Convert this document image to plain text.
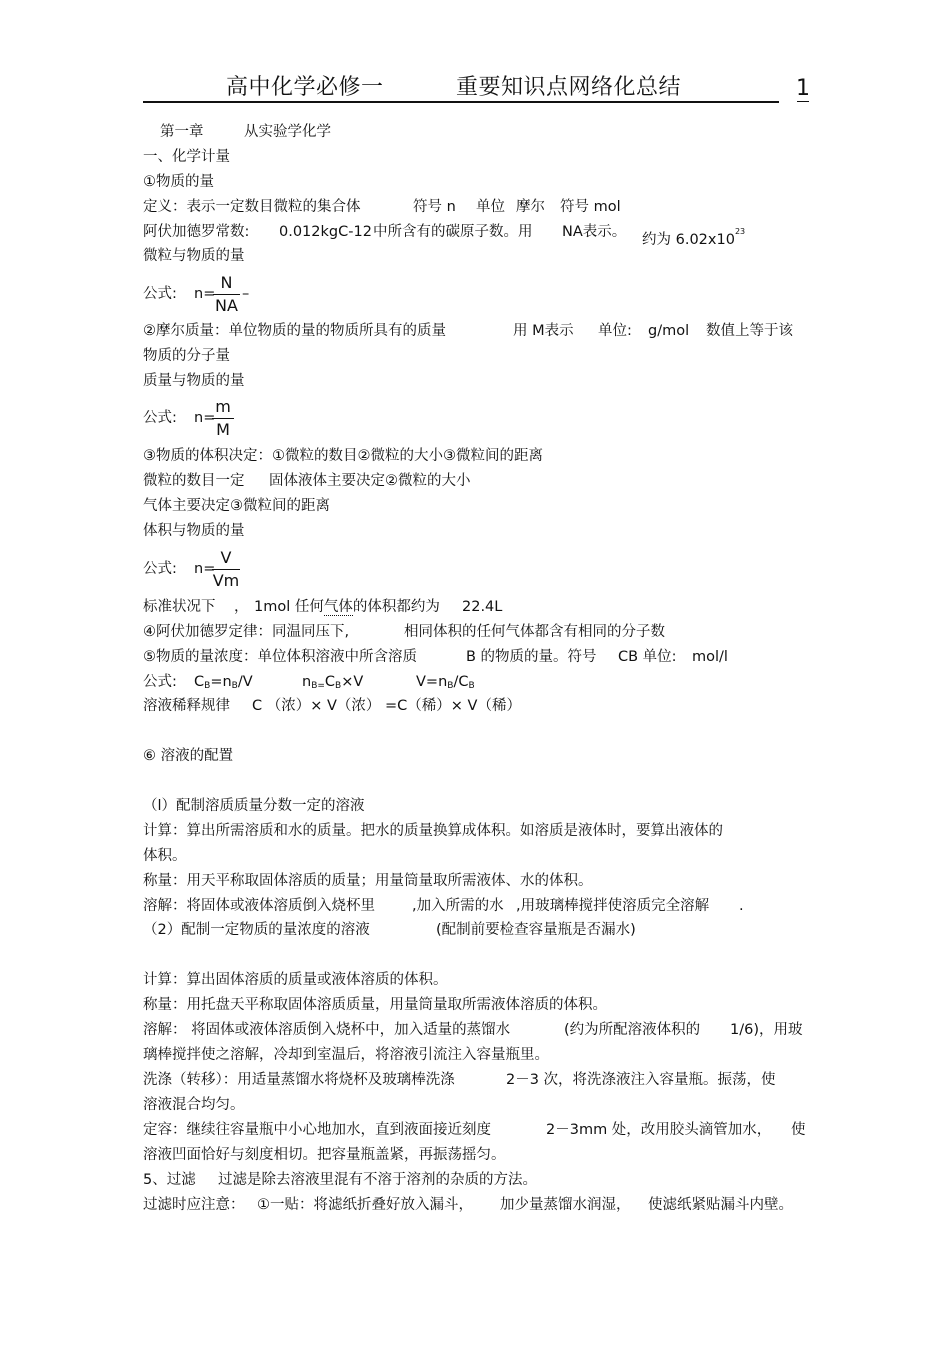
高中化学必修一	重要知识点网络化总结	1
第一章	从实验学化学
一、化学计量
①物质的量
定义：表示一定数目微粒的集合体	符号 n 单位 摩尔 符号 mol
阿伏加德罗常数: 0.012kgC-12 中所含有的碳原子数。用 NA表示。 约为 $6.02x10^{23}$
微粒与物质的量
公式: n=
N
NA
–
②摩尔质量：单位物质的量的物质所具有的质量	用 M表示 单位: g/mol 数值上等于该
物质的分子量
质量与物质的量
公式: n=
m
M
③物质的体积决定：①微粒的数目②微粒的大小③微粒间的距离
微粒的数目一定 固体液体主要决定②微粒的大小
气体主要决定③微粒间的距离
体积与物质的量
公式: n=
V
Vm
标准状况下 ， 1mol 任何气体的体积都约为 22.4L
④阿伏加德罗定律：同温同压下,	相同体积的任何气体都含有相同的分子数
⑤物质的量浓度：单位体积溶液中所含溶质	B 的物质的量。符号 CB 单位: mol/l
公式: $C_B=n_B/V$	$n_{B=}C_B\times V$	$V=n_B/C_B$
溶液稀释规律 C （浓）× V（浓） =C（稀）× V（稀）
⑥ 溶液的配置
（l）配制溶质质量分数一定的溶液
计算：算出所需溶质和水的质量。把水的质量换算成体积。如溶质是液体时，要算出液体的
体积。
称量：用天平称取固体溶质的质量；用量筒量取所需液体、水的体积。
溶解：将固体或液体溶质倒入烧杯里	,加入所需的水 ,用玻璃棒搅拌使溶质完全溶解 .
（2）配制一定物质的量浓度的溶液	(配制前要检查容量瓶是否漏水)
计算：算出固体溶质的质量或液体溶质的体积。
称量：用托盘天平称取固体溶质质量，用量筒量取所需液体溶质的体积。
溶解： 将固体或液体溶质倒入烧杯中，加入适量的蒸馏水	(约为所配溶液体积的 1/6)，用玻
璃棒搅拌使之溶解，冷却到室温后，将溶液引流注入容量瓶里。
洗涤（转移）：用适量蒸馏水将烧杯及玻璃棒洗涤	2－3 次，将洗涤液注入容量瓶。振荡，使
溶液混合均匀。
定容：继续往容量瓶中小心地加水，直到液面接近刻度	2－3mm 处，改用胶头滴管加水， 使
溶液凹面恰好与刻度相切。把容量瓶盖紧，再振荡摇匀。
5、过滤 过滤是除去溶液里混有不溶于溶剂的杂质的方法。
过滤时应注意： ①一贴：将滤纸折叠好放入漏斗， 加少量蒸馏水润湿， 使滤纸紧贴漏斗内壁。
